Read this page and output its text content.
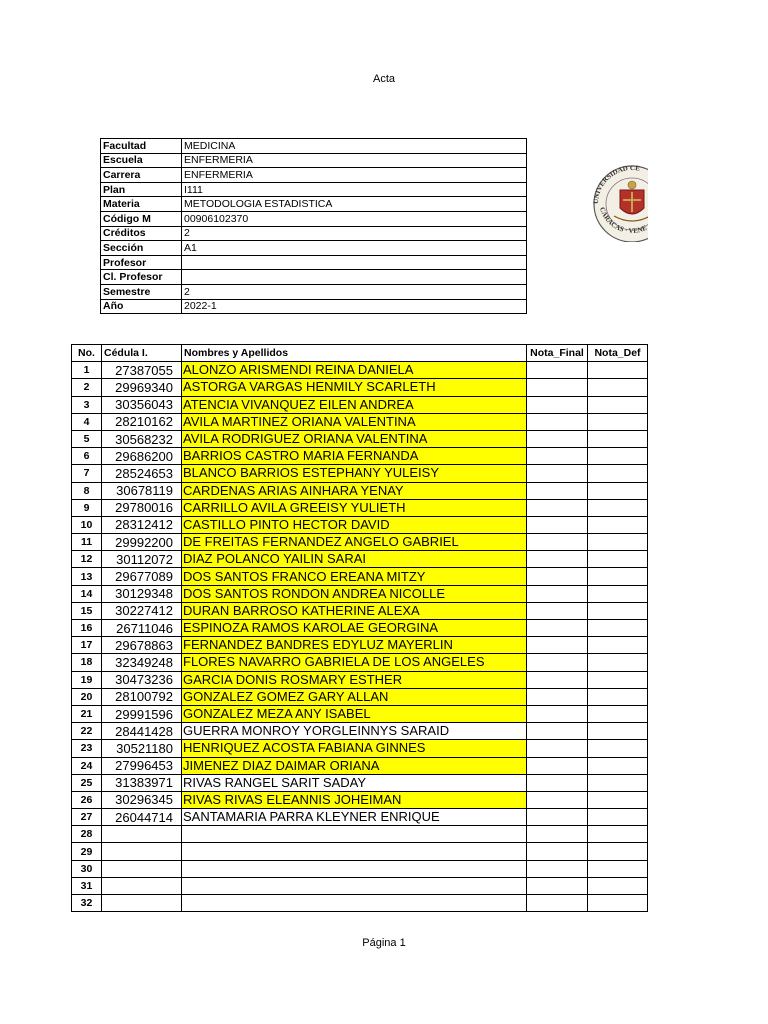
Acta
Facultad	MEDICINA
Escuela	ENFERMERIA
Carrera	ENFERMERIA
Plan	I111
Materia	METODOLOGIA ESTADISTICA
Código M	00906102370
Créditos	2
Sección	A1
Profesor	
Cl. Profesor	
Semestre	2
Año	2022-1
UNIVERSIDAD CE
CARACAS · VENE
No.	Cédula I.	Nombres y Apellidos	Nota_Final	Nota_Def
1	27387055	ALONZO ARISMENDI REINA DANIELA		
2	29969340	ASTORGA VARGAS HENMILY SCARLETH		
3	30356043	ATENCIA VIVANQUEZ EILEN ANDREA		
4	28210162	AVILA MARTINEZ ORIANA VALENTINA		
5	30568232	AVILA RODRIGUEZ ORIANA VALENTINA		
6	29686200	BARRIOS CASTRO MARIA FERNANDA		
7	28524653	BLANCO BARRIOS ESTEPHANY YULEISY		
8	30678119	CARDENAS ARIAS AINHARA YENAY		
9	29780016	CARRILLO AVILA GREEISY YULIETH		
10	28312412	CASTILLO PINTO HECTOR DAVID		
11	29992200	DE FREITAS FERNANDEZ ANGELO GABRIEL		
12	30112072	DIAZ POLANCO YAILIN SARAI		
13	29677089	DOS SANTOS FRANCO EREANA MITZY		
14	30129348	DOS SANTOS RONDON ANDREA NICOLLE		
15	30227412	DURAN BARROSO KATHERINE ALEXA		
16	26711046	ESPINOZA RAMOS KAROLAE GEORGINA		
17	29678863	FERNANDEZ BANDRES EDYLUZ MAYERLIN		
18	32349248	FLORES NAVARRO GABRIELA DE LOS ANGELES		
19	30473236	GARCIA DONIS ROSMARY ESTHER		
20	28100792	GONZALEZ GOMEZ GARY ALLAN		
21	29991596	GONZALEZ MEZA ANY ISABEL		
22	28441428	GUERRA MONROY YORGLEINNYS SARAID		
23	30521180	HENRIQUEZ ACOSTA FABIANA GINNES		
24	27996453	JIMENEZ DIAZ DAIMAR ORIANA		
25	31383971	RIVAS RANGEL SARIT SADAY		
26	30296345	RIVAS RIVAS ELEANNIS JOHEIMAN		
27	26044714	SANTAMARIA PARRA KLEYNER ENRIQUE		
28				
29				
30				
31				
32				
Página 1
